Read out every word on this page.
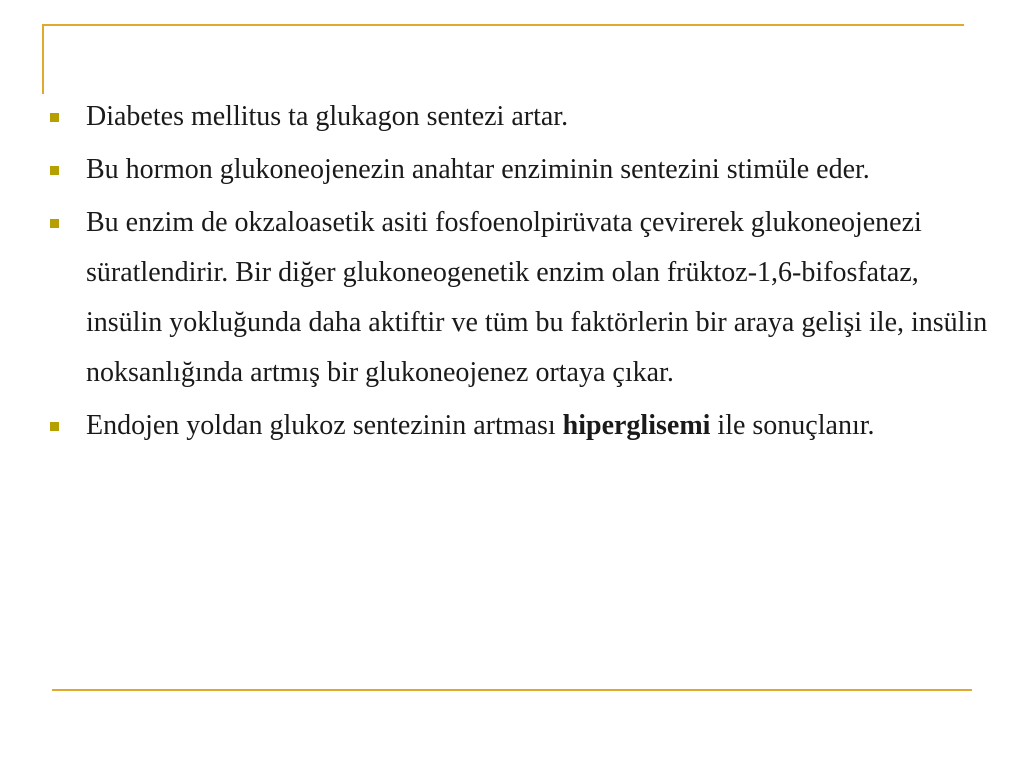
Diabetes mellitus ta glukagon sentezi artar.
Bu hormon glukoneojenezin anahtar enziminin sentezini stimüle eder.
Bu enzim de okzaloasetik asiti fosfoenolpirüvata çevirerek glukoneojenezi süratlendirir. Bir diğer glukoneogenetik enzim olan früktoz-1,6-bifosfataz, insülin yokluğunda daha aktiftir ve tüm bu faktörlerin bir araya gelişi ile, insülin noksanlığında artmış bir glukoneojenez ortaya çıkar.
Endojen yoldan glukoz sentezinin artması hiperglisemi ile sonuçlanır.
